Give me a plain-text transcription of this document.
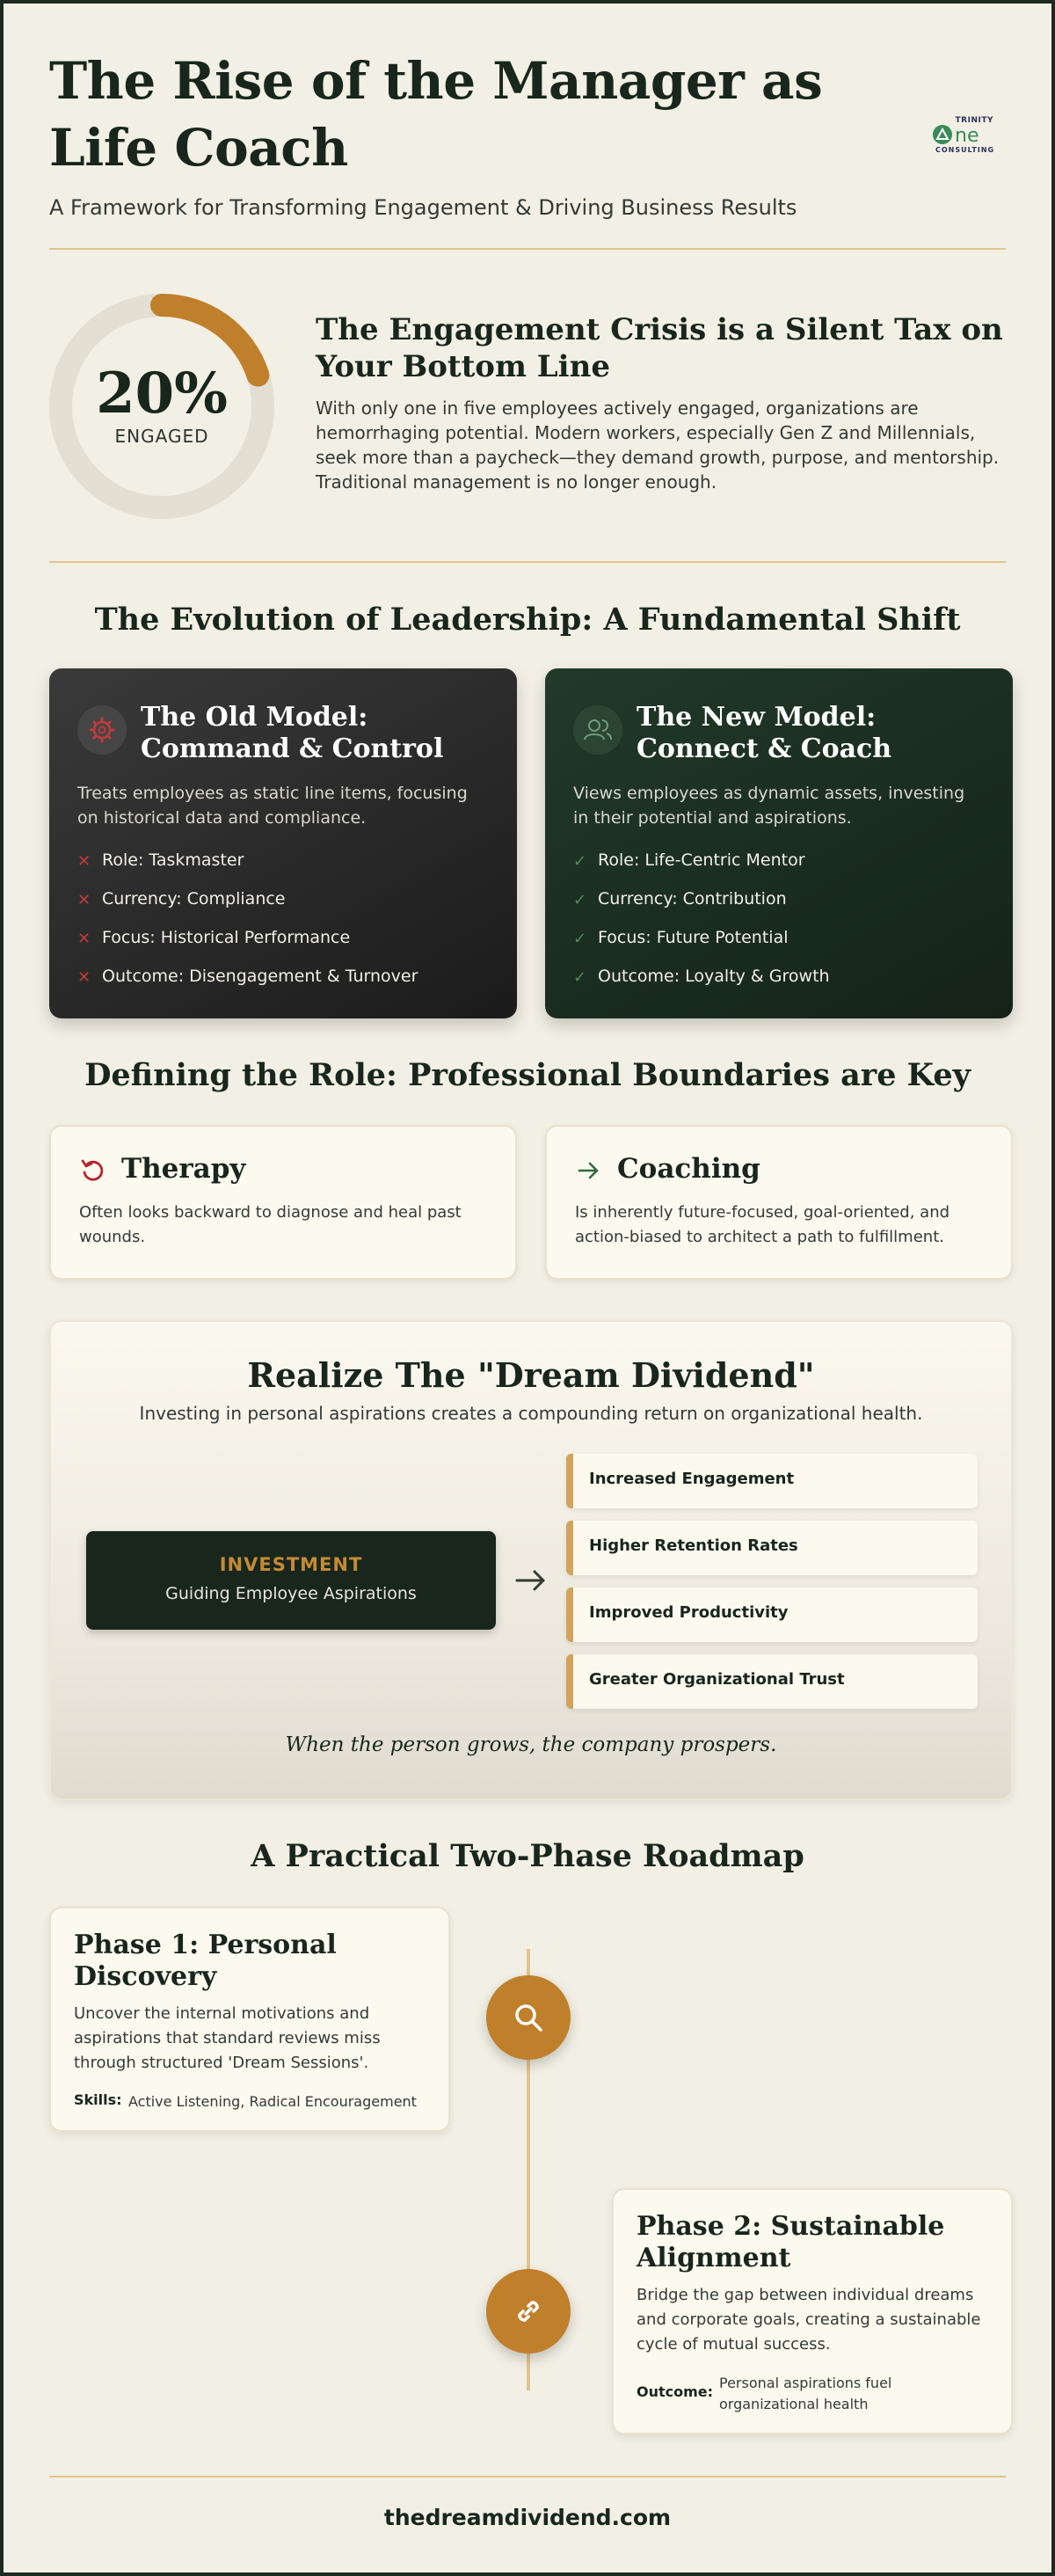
The Rise of the Manager as Life Coach

A Framework for Transforming Engagement & Driving Business Results

TRINITY
ne
CONSULTING
20%
ENGAGED
The Engagement Crisis is a Silent Tax on Your Bottom Line

With only one in five employees actively engaged, organizations are hemorrhaging potential. Modern workers, especially Gen Z and Millennials, seek more than a paycheck—they demand growth, purpose, and mentorship. Traditional management is no longer enough.

The Evolution of Leadership: A Fundamental Shift
The Old Model: Command & Control

Treats employees as static line items, focusing on historical data and compliance.

✕ Role: Taskmaster
✕ Currency: Compliance
✕ Focus: Historical Performance
✕ Outcome: Disengagement & Turnover
The New Model: Connect & Coach

Views employees as dynamic assets, investing in their potential and aspirations.

✓ Role: Life-Centric Mentor
✓ Currency: Contribution
✓ Focus: Future Potential
✓ Outcome: Loyalty & Growth
Defining the Role: Professional Boundaries are Key
Therapy

Often looks backward to diagnose and heal past wounds.

Coaching

Is inherently future-focused, goal-oriented, and action-biased to architect a path to fulfillment.

Realize The "Dream Dividend"

Investing in personal aspirations creates a compounding return on organizational health.

INVESTMENT
Guiding Employee Aspirations
Increased Engagement
Higher Retention Rates
Improved Productivity
Greater Organizational Trust

When the person grows, the company prospers.

A Practical Two-Phase Roadmap
Phase 1: Personal Discovery

Uncover the internal motivations and aspirations that standard reviews miss through structured 'Dream Sessions'.

Skills: Active Listening, Radical Encouragement
Phase 2: Sustainable Alignment

Bridge the gap between individual dreams and corporate goals, creating a sustainable cycle of mutual success.

Outcome:
Personal aspirations fuel organizational health
thedreamdividend.com
